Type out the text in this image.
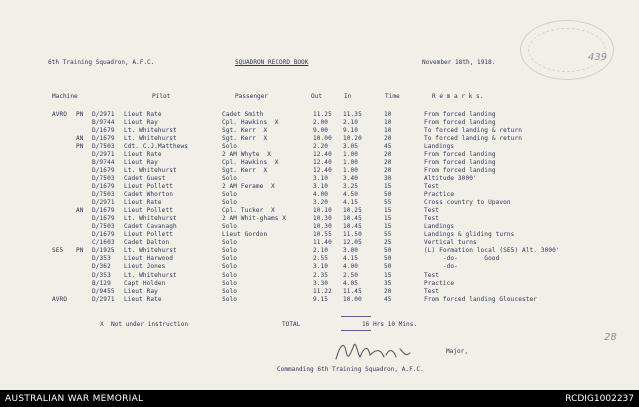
439
28
6th Training Squadron, A.F.C.	SQUADRON RECORD BOOK	November 18th, 1918.
Machine	Pilot	Passenger	Out	In	Time	R e m a r k s.
AVRO PN D/2971 Lieut Rate	Cadet Smith	11.25 11.35	10	From forced landing
B/9744 Lieut Ray	Cpl. Hawkins  X	2.00 2.10	10	From forced landing
D/1679 Lt. Whitehurst	Sgt. Kerr  X	9.00 9.10	10	To forced landing & return
AN D/1679 Lt. Whitehurst	Sgt. Kerr  X	10.00 10.20	20	To forced landing & return
PN D/7503 Cdt. C.J.Matthews	Solo	2.20 3.05	45	Landings
D/2971 Lieut Rate	2 AM Whyte  X	12.40 1.00	20	From forced landing
B/9744 Lieut Ray	Cpl. Hawkins  X	12.40 1.00	20	From forced landing
D/1679 Lt. Whitehurst	Sgt. Kerr  X	12.40 1.00	20	From forced landing
D/7503 Cadet Guest	Solo	3.10 3.40	30	Altitude 3000'
D/1679 Lieut Pollett	2 AM Ferame  X	3.10 3.25	15	Test
D/7503 Cadet Whorton	Solo	4.00 4.50	50	Practice
D/2971 Lieut Rate	Solo	3.20 4.15	55	Cross country to Upavon
AN D/1679 Lieut Pollett	Cpl. Tucker  X	10.10 10.25	15	Test
D/1679 Lt. Whitehurst	2 AM Whit-ghams X	10.30 10.45	15	Test
D/7503 Cadet Cavanagh	Solo	10.30 10.45	15	Landings
D/1679 Lieut Pollett	Lieut Gordon	10.55 11.50	55	Landings & gliding turns
C/1603 Cadet Dalton	Solo	11.40 12.05	25	Vertical turns
SE5 PN D/1925 Lt. Whitehurst	Solo	2.10 3.00	50	(L) Formation local (SE5) Alt. 3000'
D/353 Lieut Harwood	Solo	2.55 4.15	50	-do-       Good
D/362 Lieut Jones	Solo	3.10 4.00	50	-do-
D/353 Lt. Whitehurst	Solo	2.35 2.50	15	Test
B/129 Capt Holden	Solo	3.30 4.05	35	Practice
D/9455 Lieut Ray	Solo	11.22 11.45	20	Test
AVRO	D/2971 Lieut Rate	Solo	9.15 10.00	45	From forced landing Gloucester
X  Not under instruction	TOTAL	16 Hrs 10 Mins.
Major,
Commanding 6th Training Squadron, A.F.C.
AUSTRALIAN WAR MEMORIAL	RCDIG1002237
